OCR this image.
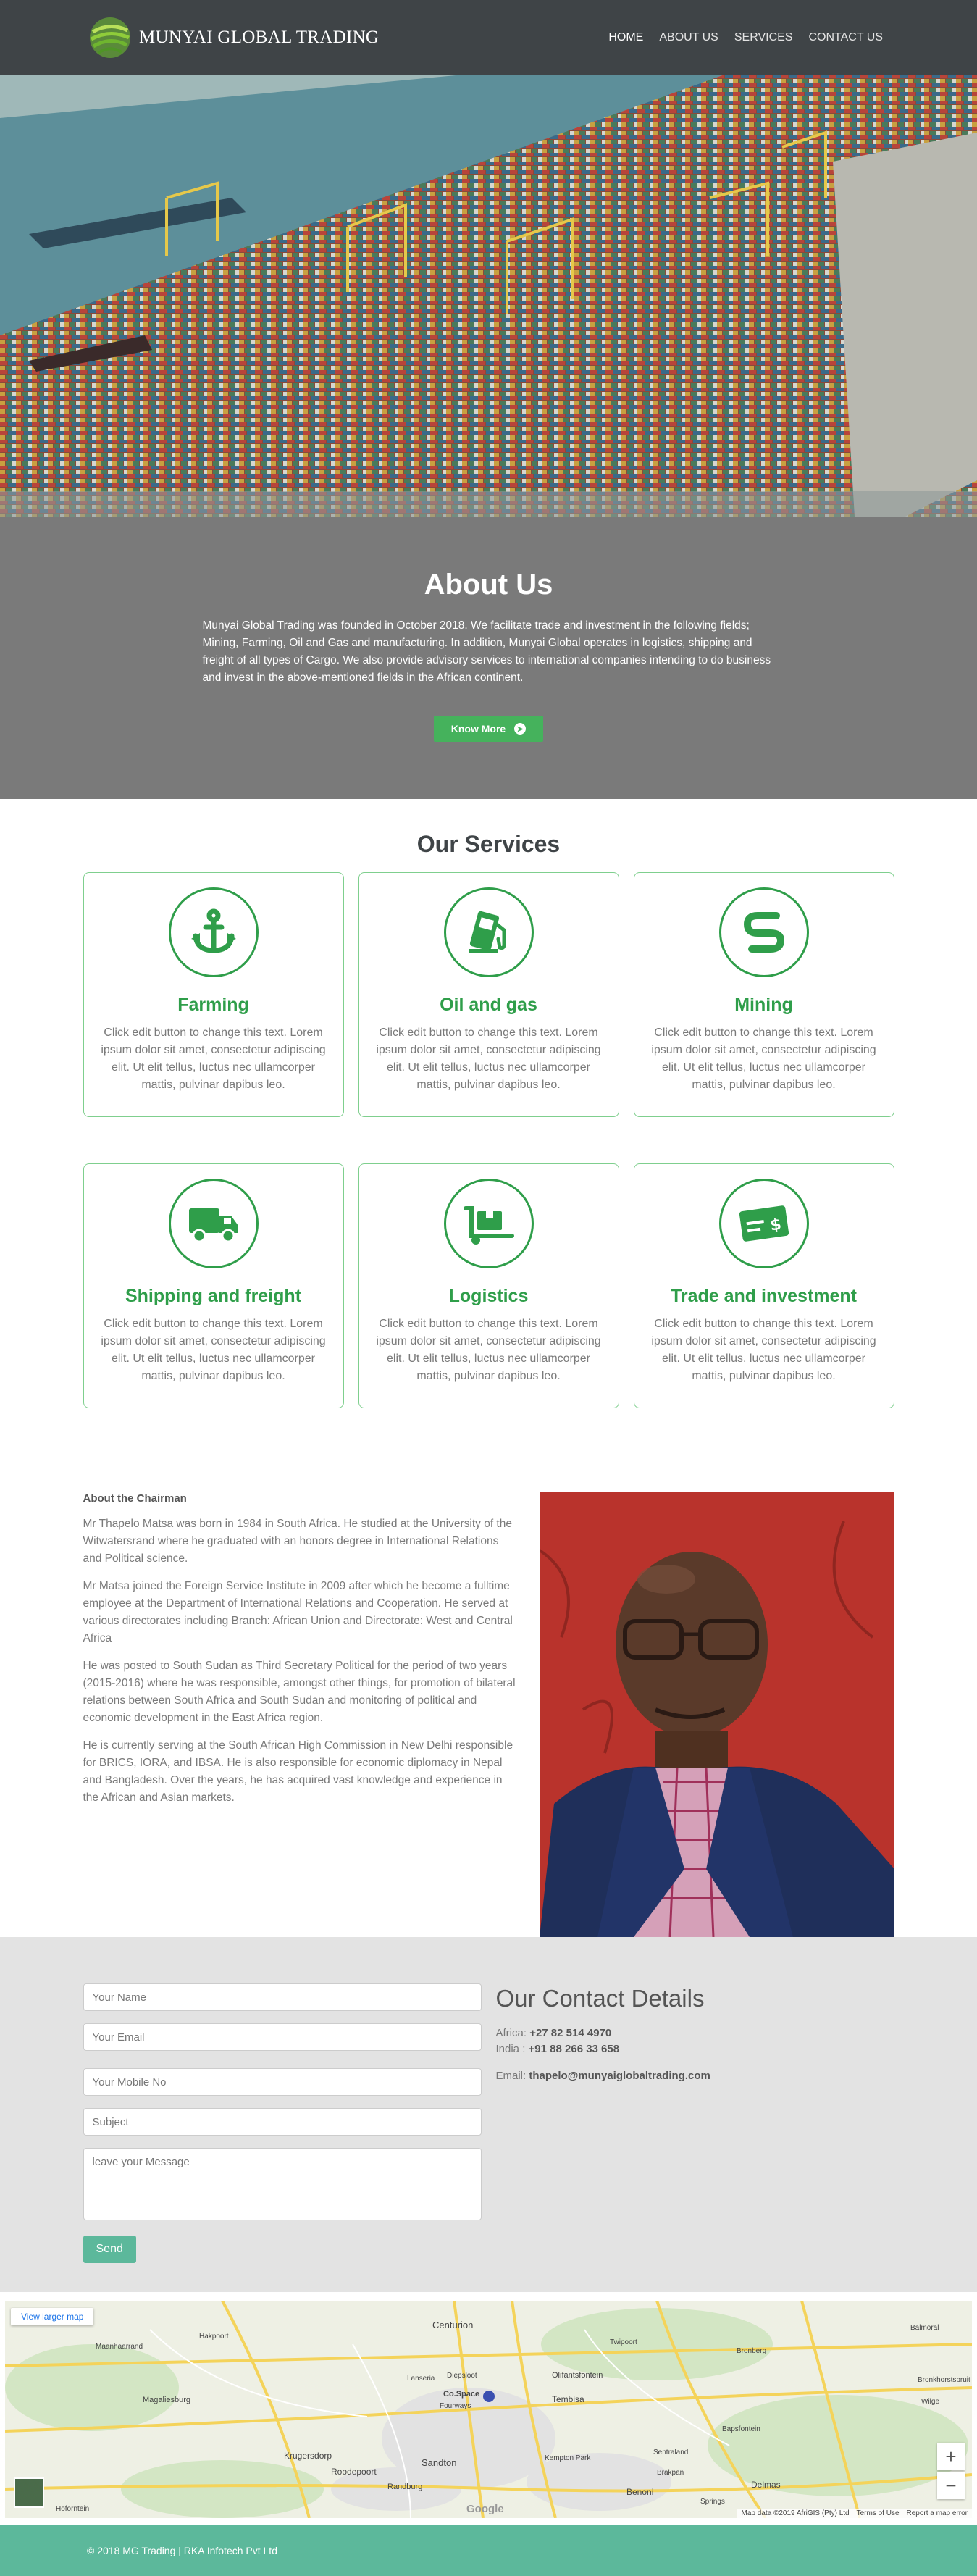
MUNYAI GLOBAL TRADING	HOME ABOUT US SERVICES CONTACT US
About Us

Munyai Global Trading was founded in October 2018. We facilitate trade and investment in the following fields; Mining, Farming, Oil and Gas and manufacturing. In addition, Munyai Global operates in logistics, shipping and freight of all types of Cargo. We also provide advisory services to international companies intending to do business and invest in the above-mentioned fields in the African continent.

Know More	➤
Our Services
Farming

Click edit button to change this text. Lorem ipsum dolor sit amet, consectetur adipiscing elit. Ut elit tellus, luctus nec ullamcorper mattis, pulvinar dapibus leo.

Oil and gas

Click edit button to change this text. Lorem ipsum dolor sit amet, consectetur adipiscing elit. Ut elit tellus, luctus nec ullamcorper mattis, pulvinar dapibus leo.

Mining

Click edit button to change this text. Lorem ipsum dolor sit amet, consectetur adipiscing elit. Ut elit tellus, luctus nec ullamcorper mattis, pulvinar dapibus leo.

Shipping and freight

Click edit button to change this text. Lorem ipsum dolor sit amet, consectetur adipiscing elit. Ut elit tellus, luctus nec ullamcorper mattis, pulvinar dapibus leo.

Logistics

Click edit button to change this text. Lorem ipsum dolor sit amet, consectetur adipiscing elit. Ut elit tellus, luctus nec ullamcorper mattis, pulvinar dapibus leo.

$
Trade and investment

Click edit button to change this text. Lorem ipsum dolor sit amet, consectetur adipiscing elit. Ut elit tellus, luctus nec ullamcorper mattis, pulvinar dapibus leo.

About the Chairman

Mr Thapelo Matsa was born in 1984 in South Africa. He studied at the University of the Witwatersrand where he graduated with an honors degree in International Relations and Political science.

Mr Matsa joined the Foreign Service Institute in 2009 after which he become a fulltime employee at the Department of International Relations and Cooperation. He served at various directorates including Branch: African Union and Directorate: West and Central Africa

He was posted to South Sudan as Third Secretary Political for the period of two years (2015-2016) where he was responsible, amongst other things, for promotion of bilateral relations between South Africa and South Sudan and monitoring of political and economic development in the East Africa region.

He is currently serving at the South African High Commission in New Delhi responsible for BRICS, IORA, and IBSA. He is also responsible for economic diplomacy in Nepal and Bangladesh. Over the years, he has acquired vast knowledge and experience in the African and Asian markets.

Your Name
Your Email
Your Mobile No
Subject
leave your Message
Send
Our Contact Details
Africa: +27 82 514 4970
India : +91 88 266 33 658
Email: thapelo@munyaiglobaltrading.com
Centurion
Hakpoort
Maanhaarrand
Twipoort
Balmoral
Lanseria Diepsloot	Olifantsfontein
Magaliesburg
Fourways
Co.Space	Tembisa
Krugersdorp
Sandton	Kempton Park
Benoni
Roodepoort
Randburg	Delmas
Hoforntein
Sentraland
Bapsfontein
Bronkhorstspruit
Wilge
Brakpan
Springs
Bronberg
View larger map
+
−
Google	Map data ©2019 AfriGIS (Pty) Ltd Terms of Use Report a map error
© 2018 MG Trading | RKA Infotech Pvt Ltd
